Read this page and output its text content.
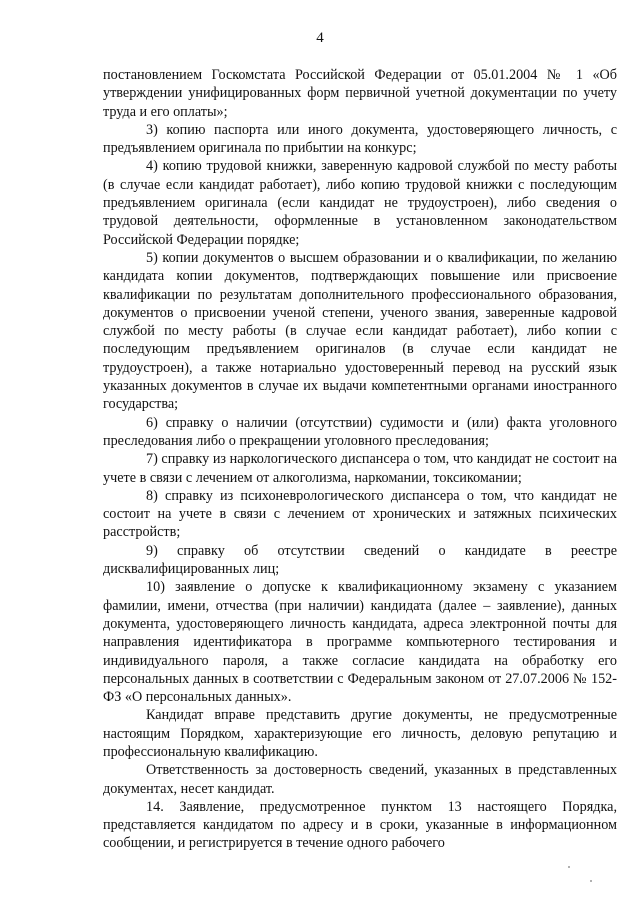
4

постановлением Госкомстата Российской Федерации от 05.01.2004 № 1 «Об утверждении унифицированных форм первичной учетной документации по учету труда и его оплаты»;

3) копию паспорта или иного документа, удостоверяющего личность, с предъявлением оригинала по прибытии на конкурс;

4) копию трудовой книжки, заверенную кадровой службой по месту работы (в случае если кандидат работает), либо копию трудовой книжки с последующим предъявлением оригинала (если кандидат не трудоустроен), либо сведения о трудовой деятельности, оформленные в установленном законодательством Российской Федерации порядке;

5) копии документов о высшем образовании и о квалификации, по желанию кандидата копии документов, подтверждающих повышение или присвоение квалификации по результатам дополнительного профессионального образования, документов о присвоении ученой степени, ученого звания, заверенные кадровой службой по месту работы (в случае если кандидат работает), либо копии с последующим предъявлением оригиналов (в случае если кандидат не трудоустроен), а также нотариально удостоверенный перевод на русский язык указанных документов в случае их выдачи компетентными органами иностранного государства;

6) справку о наличии (отсутствии) судимости и (или) факта уголовного преследования либо о прекращении уголовного преследования;

7) справку из наркологического диспансера о том, что кандидат не состоит на учете в связи с лечением от алкоголизма, наркомании, токсикомании;

8) справку из психоневрологического диспансера о том, что кандидат не состоит на учете в связи с лечением от хронических и затяжных психических расстройств;

9) справку об отсутствии сведений о кандидате в реестре дисквалифицированных лиц;

10) заявление о допуске к квалификационному экзамену с указанием фамилии, имени, отчества (при наличии) кандидата (далее – заявление), данных документа, удостоверяющего личность кандидата, адреса электронной почты для направления идентификатора в программе компьютерного тестирования и индивидуального пароля, а также согласие кандидата на обработку его персональных данных в соответствии с Федеральным законом от 27.07.2006 № 152-ФЗ «О персональных данных».

Кандидат вправе представить другие документы, не предусмотренные настоящим Порядком, характеризующие его личность, деловую репутацию и профессиональную квалификацию.

Ответственность за достоверность сведений, указанных в представленных документах, несет кандидат.

14. Заявление, предусмотренное пунктом 13 настоящего Порядка, представляется кандидатом по адресу и в сроки, указанные в информационном сообщении, и регистрируется в течение одного рабочего
